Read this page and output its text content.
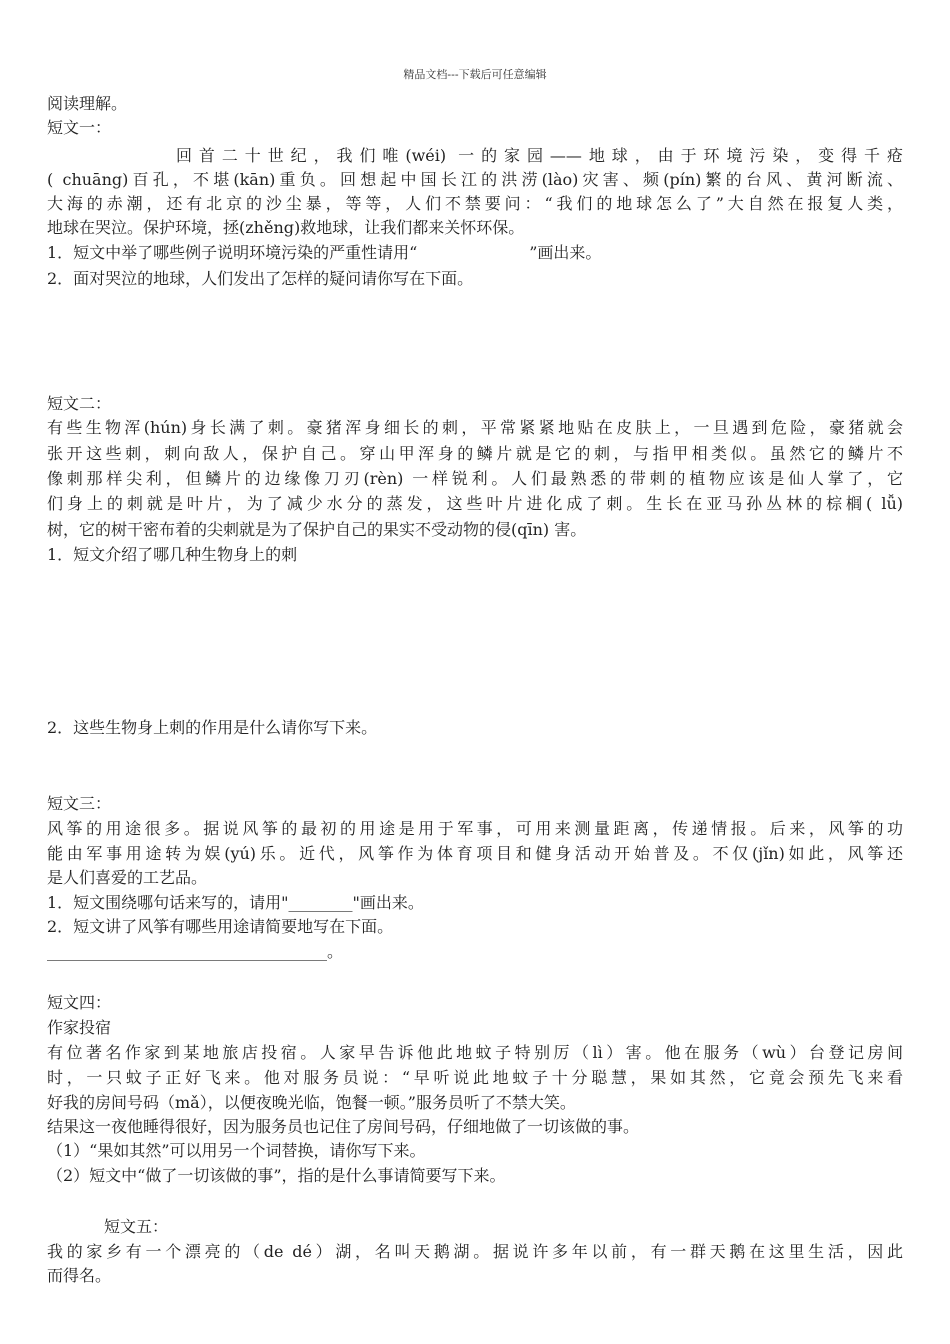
精品文档---下载后可任意编辑
阅读理解。
短文一：
回首二十世纪，我们唯(wéi) 一的家园——地球，由于环境污染，变得千疮
( chuāng)百孔，不堪(kān)重负。回想起中国长江的洪涝(lào)灾害、频(pín)繁的台风、黄河断流、
大海的赤潮，还有北京的沙尘暴，等等，人们不禁要问：“我们的地球怎么了”大自然在报复人类，
地球在哭泣。保护环境，拯(zhěng)救地球，让我们都来关怀环保。
1．短文中举了哪些例子说明环境污染的严重性请用“                      ”画出来。
2．面对哭泣的地球，人们发出了怎样的疑问请你写在下面。
短文二：
有些生物浑(hún)身长满了刺。豪猪浑身细长的刺，平常紧紧地贴在皮肤上，一旦遇到危险，豪猪就会
张开这些刺，刺向敌人，保护自己。穿山甲浑身的鳞片就是它的刺，与指甲相类似。虽然它的鳞片不
像刺那样尖利，但鳞片的边缘像刀刃(rèn) 一样锐利。人们最熟悉的带刺的植物应该是仙人掌了，它
们身上的刺就是叶片，为了减少水分的蒸发，这些叶片进化成了刺。生长在亚马孙丛林的棕榈( lǚ)
树，它的树干密布着的尖刺就是为了保护自己的果实不受动物的侵(qīn) 害。
1．短文介绍了哪几种生物身上的刺
2．这些生物身上刺的作用是什么请你写下来。
短文三：
风筝的用途很多。据说风筝的最初的用途是用于军事，可用来测量距离，传递情报。后来，风筝的功
能由军事用途转为娱(yú)乐。近代，风筝作为体育项目和健身活动开始普及。不仅(jǐn)如此，风筝还
是人们喜爱的工艺品。
1．短文围绕哪句话来写的，请用"________"画出来。
2．短文讲了风筝有哪些用途请简要地写在下面。
___________________________________。
短文四：
作家投宿
有位著名作家到某地旅店投宿。人家早告诉他此地蚊子特别厉（lì）害。他在服务（wù）台登记房间
时，一只蚊子正好飞来。他对服务员说：“早听说此地蚊子十分聪慧，果如其然，它竟会预先飞来看
好我的房间号码（mǎ），以便夜晚光临，饱餐一顿。”服务员听了不禁大笑。
结果这一夜他睡得很好，因为服务员也记住了房间号码，仔细地做了一切该做的事。
（1）“果如其然”可以用另一个词替换，请你写下来。
（2）短文中“做了一切该做的事”，指的是什么事请简要写下来。
短文五：
我的家乡有一个漂亮的（de dé）湖，名叫天鹅湖。据说许多年以前，有一群天鹅在这里生活，因此
而得名。
